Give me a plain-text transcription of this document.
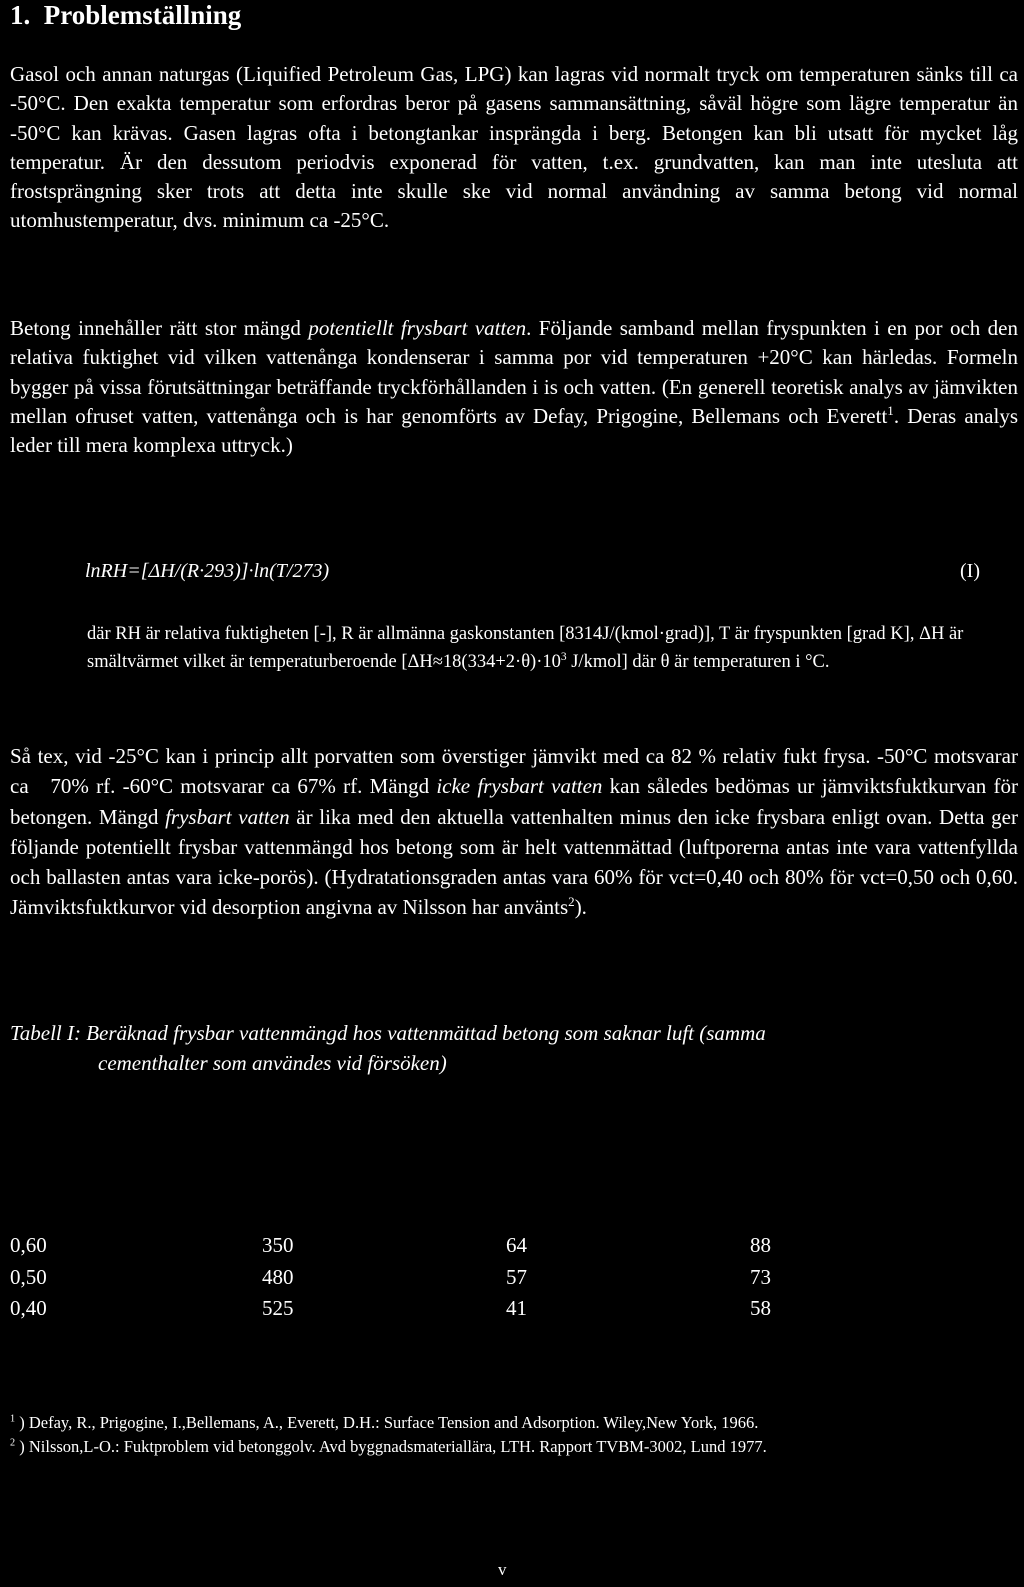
1.  Problemställning

Gasol och annan naturgas (Liquified Petroleum Gas, LPG) kan lagras vid normalt tryck om temperaturen sänks till ca -50°C. Den exakta temperatur som erfordras beror på gasens sammansättning, såväl högre som lägre temperatur än -50°C kan krävas. Gasen lagras ofta i betongtankar insprängda i berg. Betongen kan bli utsatt för mycket låg temperatur. Är den dessutom periodvis exponerad för vatten, t.ex. grundvatten, kan man inte utesluta att frostsprängning sker trots att detta inte skulle ske vid normal användning av samma betong vid normal utomhustemperatur, dvs. minimum ca -25°C.

Betong innehåller rätt stor mängd potentiellt frysbart vatten. Följande samband mellan fryspunkten i en por och den relativa fuktighet vid vilken vattenånga kondenserar i samma por vid temperaturen +20°C kan härledas. Formeln bygger på vissa förutsättningar beträffande tryckförhållanden i is och vatten. (En generell teoretisk analys av jämvikten mellan ofruset vatten, vattenånga och is har genomförts av Defay, Prigogine, Bellemans och Everett$^1$. Deras analys leder till mera komplexa uttryck.)

lnRH=[ΔH/(R·293)]·ln(T/273)	(I)

där RH är relativa fuktigheten [-], R är allmänna gaskonstanten [8314J/(kmol·grad)], T är fryspunkten [grad K], ΔH är smältvärmet vilket är temperaturberoende [$\Delta H\approx 18(334+2\cdot\theta)\cdot 10^3$ J/kmol] där θ är temperaturen i °C.

Så tex, vid -25°C kan i princip allt porvatten som överstiger jämvikt med ca 82 % relativ fukt frysa. -50°C motsvarar ca   70% rf. -60°C motsvarar ca 67% rf. Mängd icke frysbart vatten kan således bedömas ur jämviktsfuktkurvan för betongen. Mängd frysbart vatten är lika med den aktuella vattenhalten minus den icke frysbara enligt ovan. Detta ger följande potentiellt frysbar vattenmängd hos betong som är helt vattenmättad (luftporerna antas inte vara vattenfyllda och ballasten antas vara icke-porös). (Hydratationsgraden antas vara 60% för vct=0,40 och 80% för vct=0,50 och 0,60. Jämviktsfuktkurvor vid desorption angivna av Nilsson har använts$^2$).

Tabell I: Beräknad frysbar vattenmängd hos vattenmättad betong som saknar luft (samma
cementhalter som användes vid försöken)
0,60	350	64	88
0,50	480	57	73
0,40	525	41	58

$^1$ ) Defay, R., Prigogine, I.,Bellemans, A., Everett, D.H.: Surface Tension and Adsorption. Wiley,New York, 1966.

$^2$ ) Nilsson,L-O.: Fuktproblem vid betonggolv. Avd byggnadsmateriallära, LTH. Rapport TVBM-3002, Lund 1977.

v
